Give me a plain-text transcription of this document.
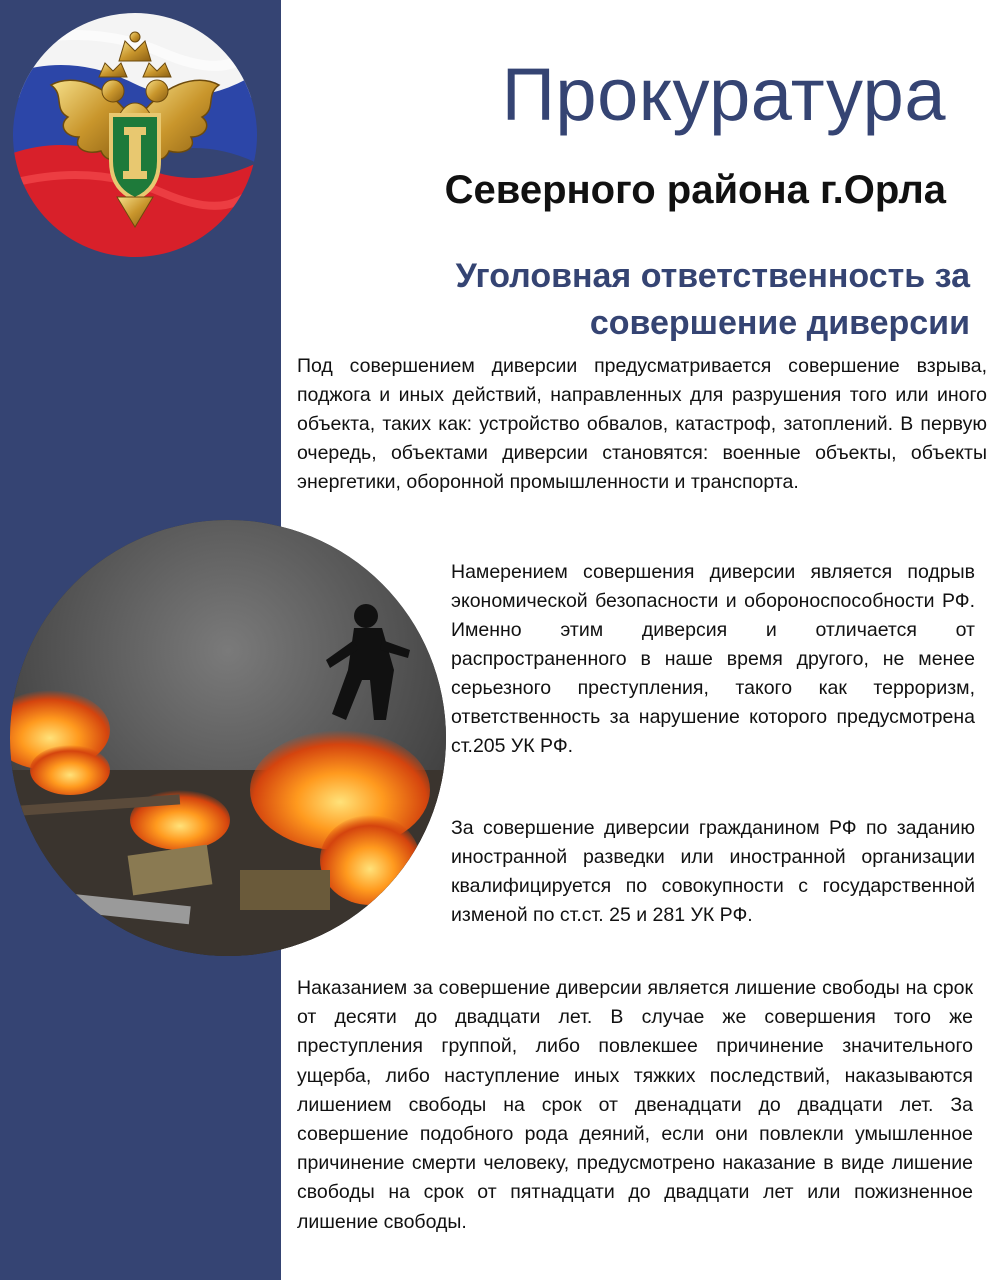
Прокуратура
Северного района г.Орла
Уголовная ответственность за совершение диверсии

Под совершением диверсии предусматривается совершение взрыва, поджога и иных действий, направленных для разрушения того или иного объекта, таких как: устройство обвалов, катастроф, затоплений. В первую очередь, объектами диверсии становятся: военные объекты, объекты энергетики, оборонной промышленности и транспорта.

Намерением совершения диверсии является подрыв экономической безопасности и обороноспособности РФ. Именно этим диверсия и отличается от распространенного в наше время другого, не менее серьезного преступления, такого как терроризм, ответственность за нарушение которого предусмотрена ст.205 УК РФ.

За совершение диверсии гражданином РФ по заданию иностранной разведки или иностранной организации квалифицируется по совокупности с государственной изменой по ст.ст. 25 и 281 УК РФ.

Наказанием за совершение диверсии является лишение свободы на срок от десяти до двадцати лет. В случае же совершения того же преступления группой, либо повлекшее причинение значительного ущерба, либо наступление иных тяжких последствий, наказываются лишением свободы на срок от двенадцати до двадцати лет. За совершение подобного рода деяний, если они повлекли умышленное причинение смерти человеку, предусмотрено наказание в виде лишение свободы на срок от пятнадцати до двадцати лет или пожизненное лишение свободы.
